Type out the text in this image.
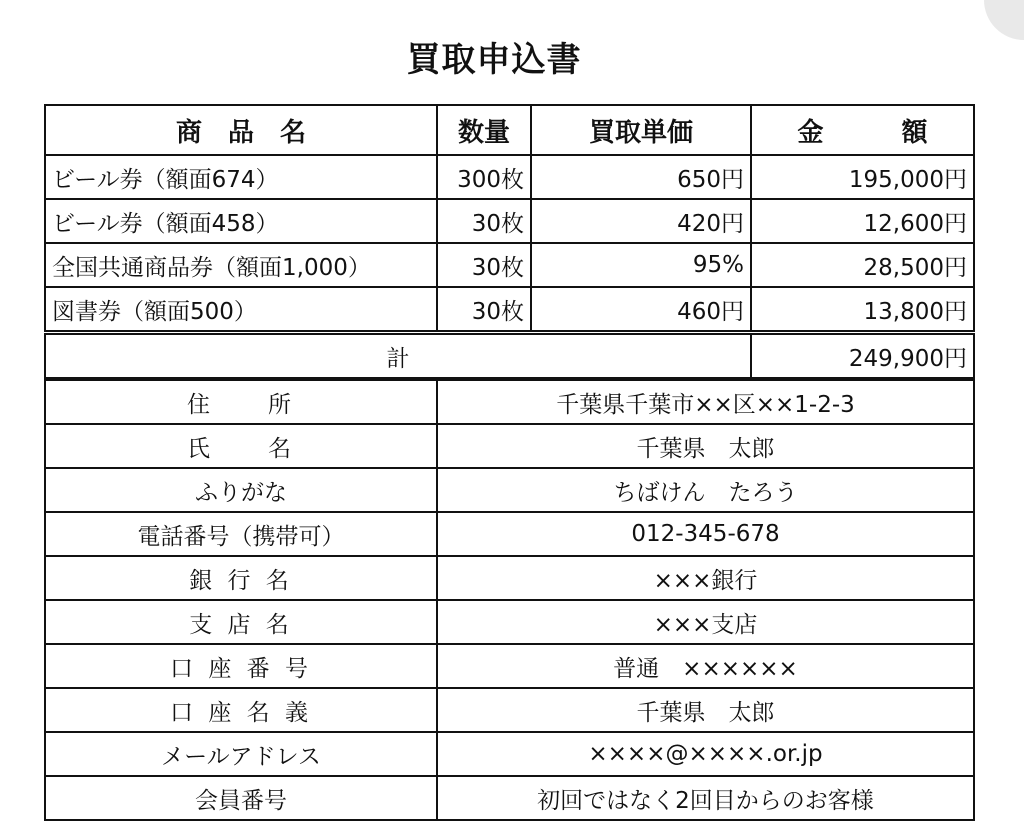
買取申込書
商　品　名	数量	買取単価	金　　　額
ビール券（額面674）	300枚	650円	195,000円
ビール券（額面458）	30枚	420円	12,600円
全国共通商品券（額面1,000）	30枚	95%	28,500円
図書券（額面500）	30枚	460円	13,800円
計			249,900円
住　　所	千葉県千葉市××区××1-2-3		
氏　　名	千葉県　太郎		
ふりがな	ちばけん　たろう		
電話番号（携帯可）	012-345-678		
銀 行 名	×××銀行		
支 店 名	×××支店		
口 座 番 号	普通　××××××		
口 座 名 義	千葉県　太郎		
メールアドレス	××××@××××.or.jp		
会員番号	初回ではなく2回目からのお客様		
